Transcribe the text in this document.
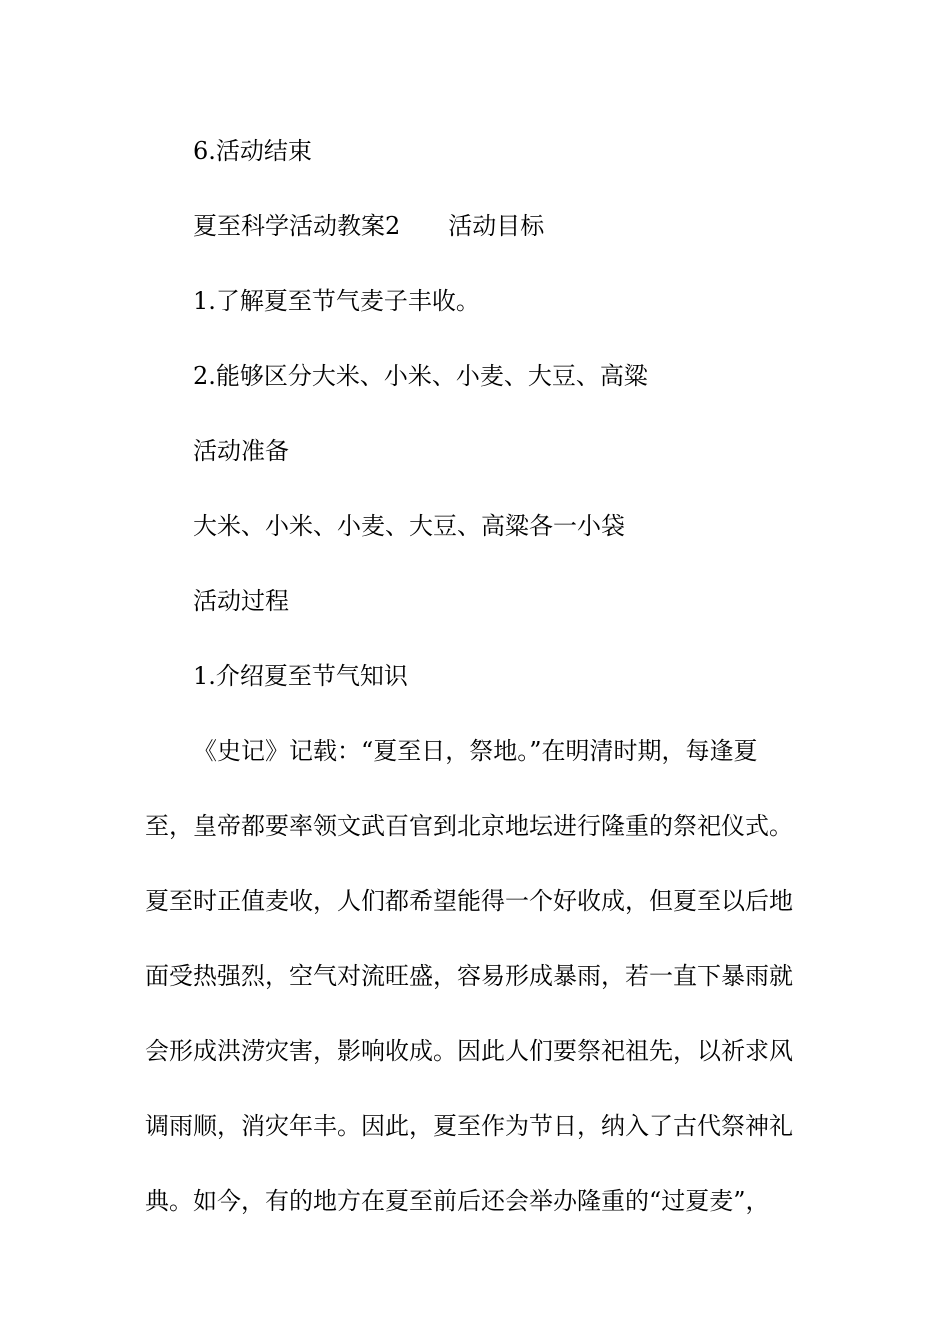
6.活动结束
夏至科学活动教案2 活动目标
1.了解夏至节气麦子丰收。
2.能够区分大米、小米、小麦、大豆、高粱
活动准备
大米、小米、小麦、大豆、高粱各一小袋
活动过程
1.介绍夏至节气知识
《史记》记载：“夏至日，祭地。”在明清时期，每逢夏
至，皇帝都要率领文武百官到北京地坛进行隆重的祭祀仪式。
夏至时正值麦收，人们都希望能得一个好收成，但夏至以后地
面受热强烈，空气对流旺盛，容易形成暴雨，若一直下暴雨就
会形成洪涝灾害，影响收成。因此人们要祭祀祖先，以祈求风
调雨顺，消灾年丰。因此，夏至作为节日，纳入了古代祭神礼
典。如今，有的地方在夏至前后还会举办隆重的“过夏麦”，
